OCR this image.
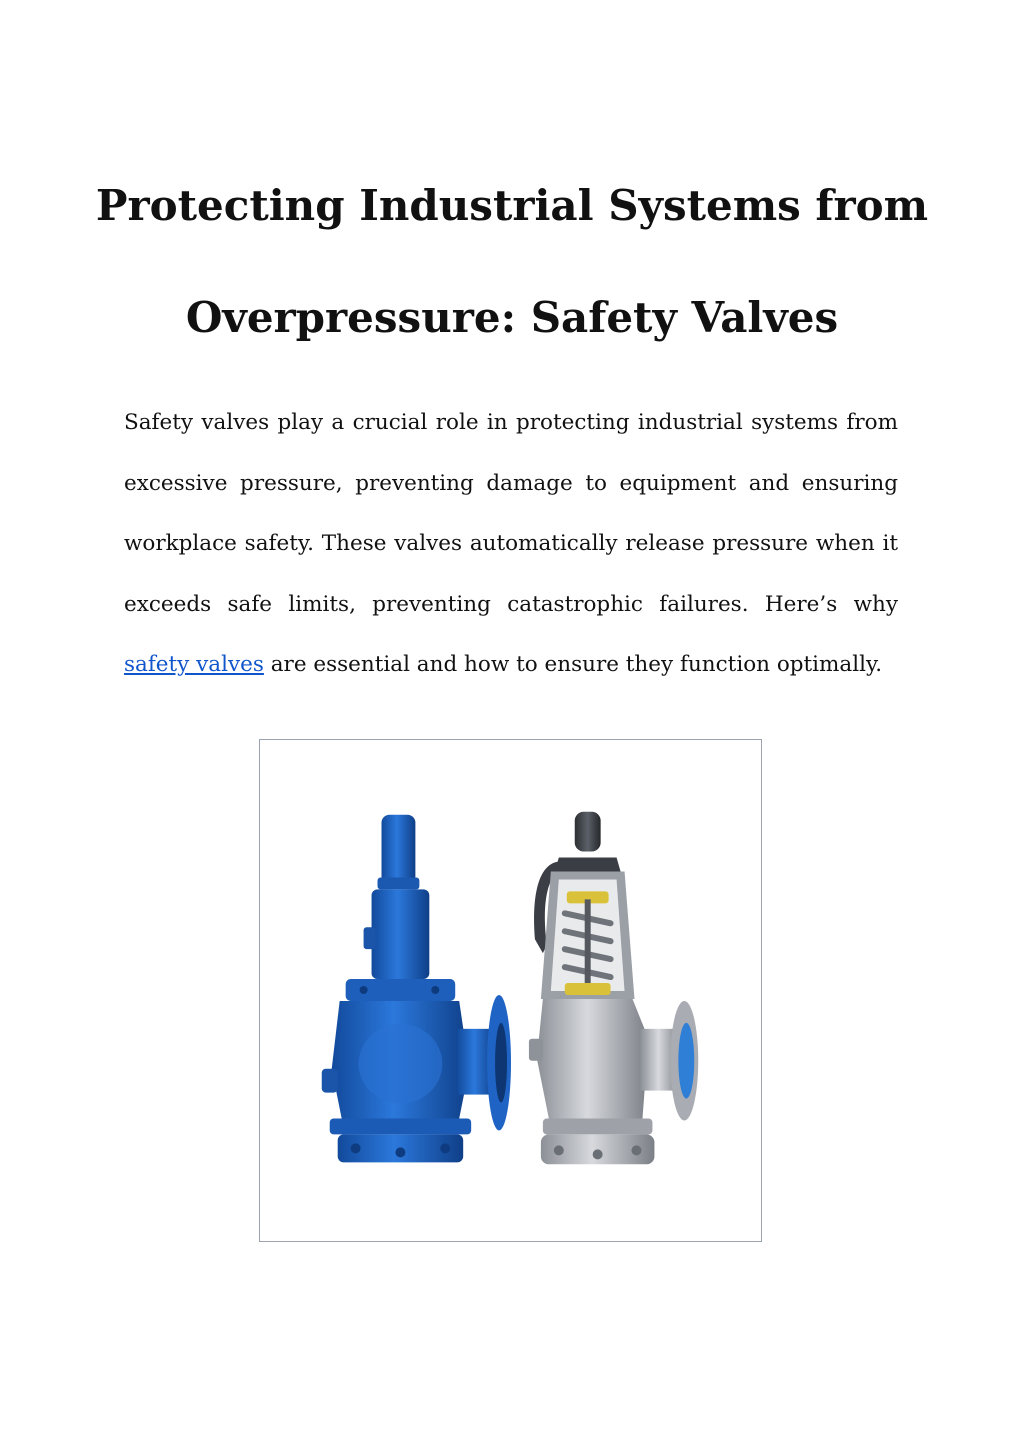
Protecting Industrial Systems from
Overpressure: Safety Valves

Safety valves play a crucial role in protecting industrial systems from excessive pressure, preventing damage to equipment and ensuring workplace safety. These valves automatically release pressure when it exceeds safe limits, preventing catastrophic failures. Here’s why safety valves are essential and how to ensure they function optimally.
